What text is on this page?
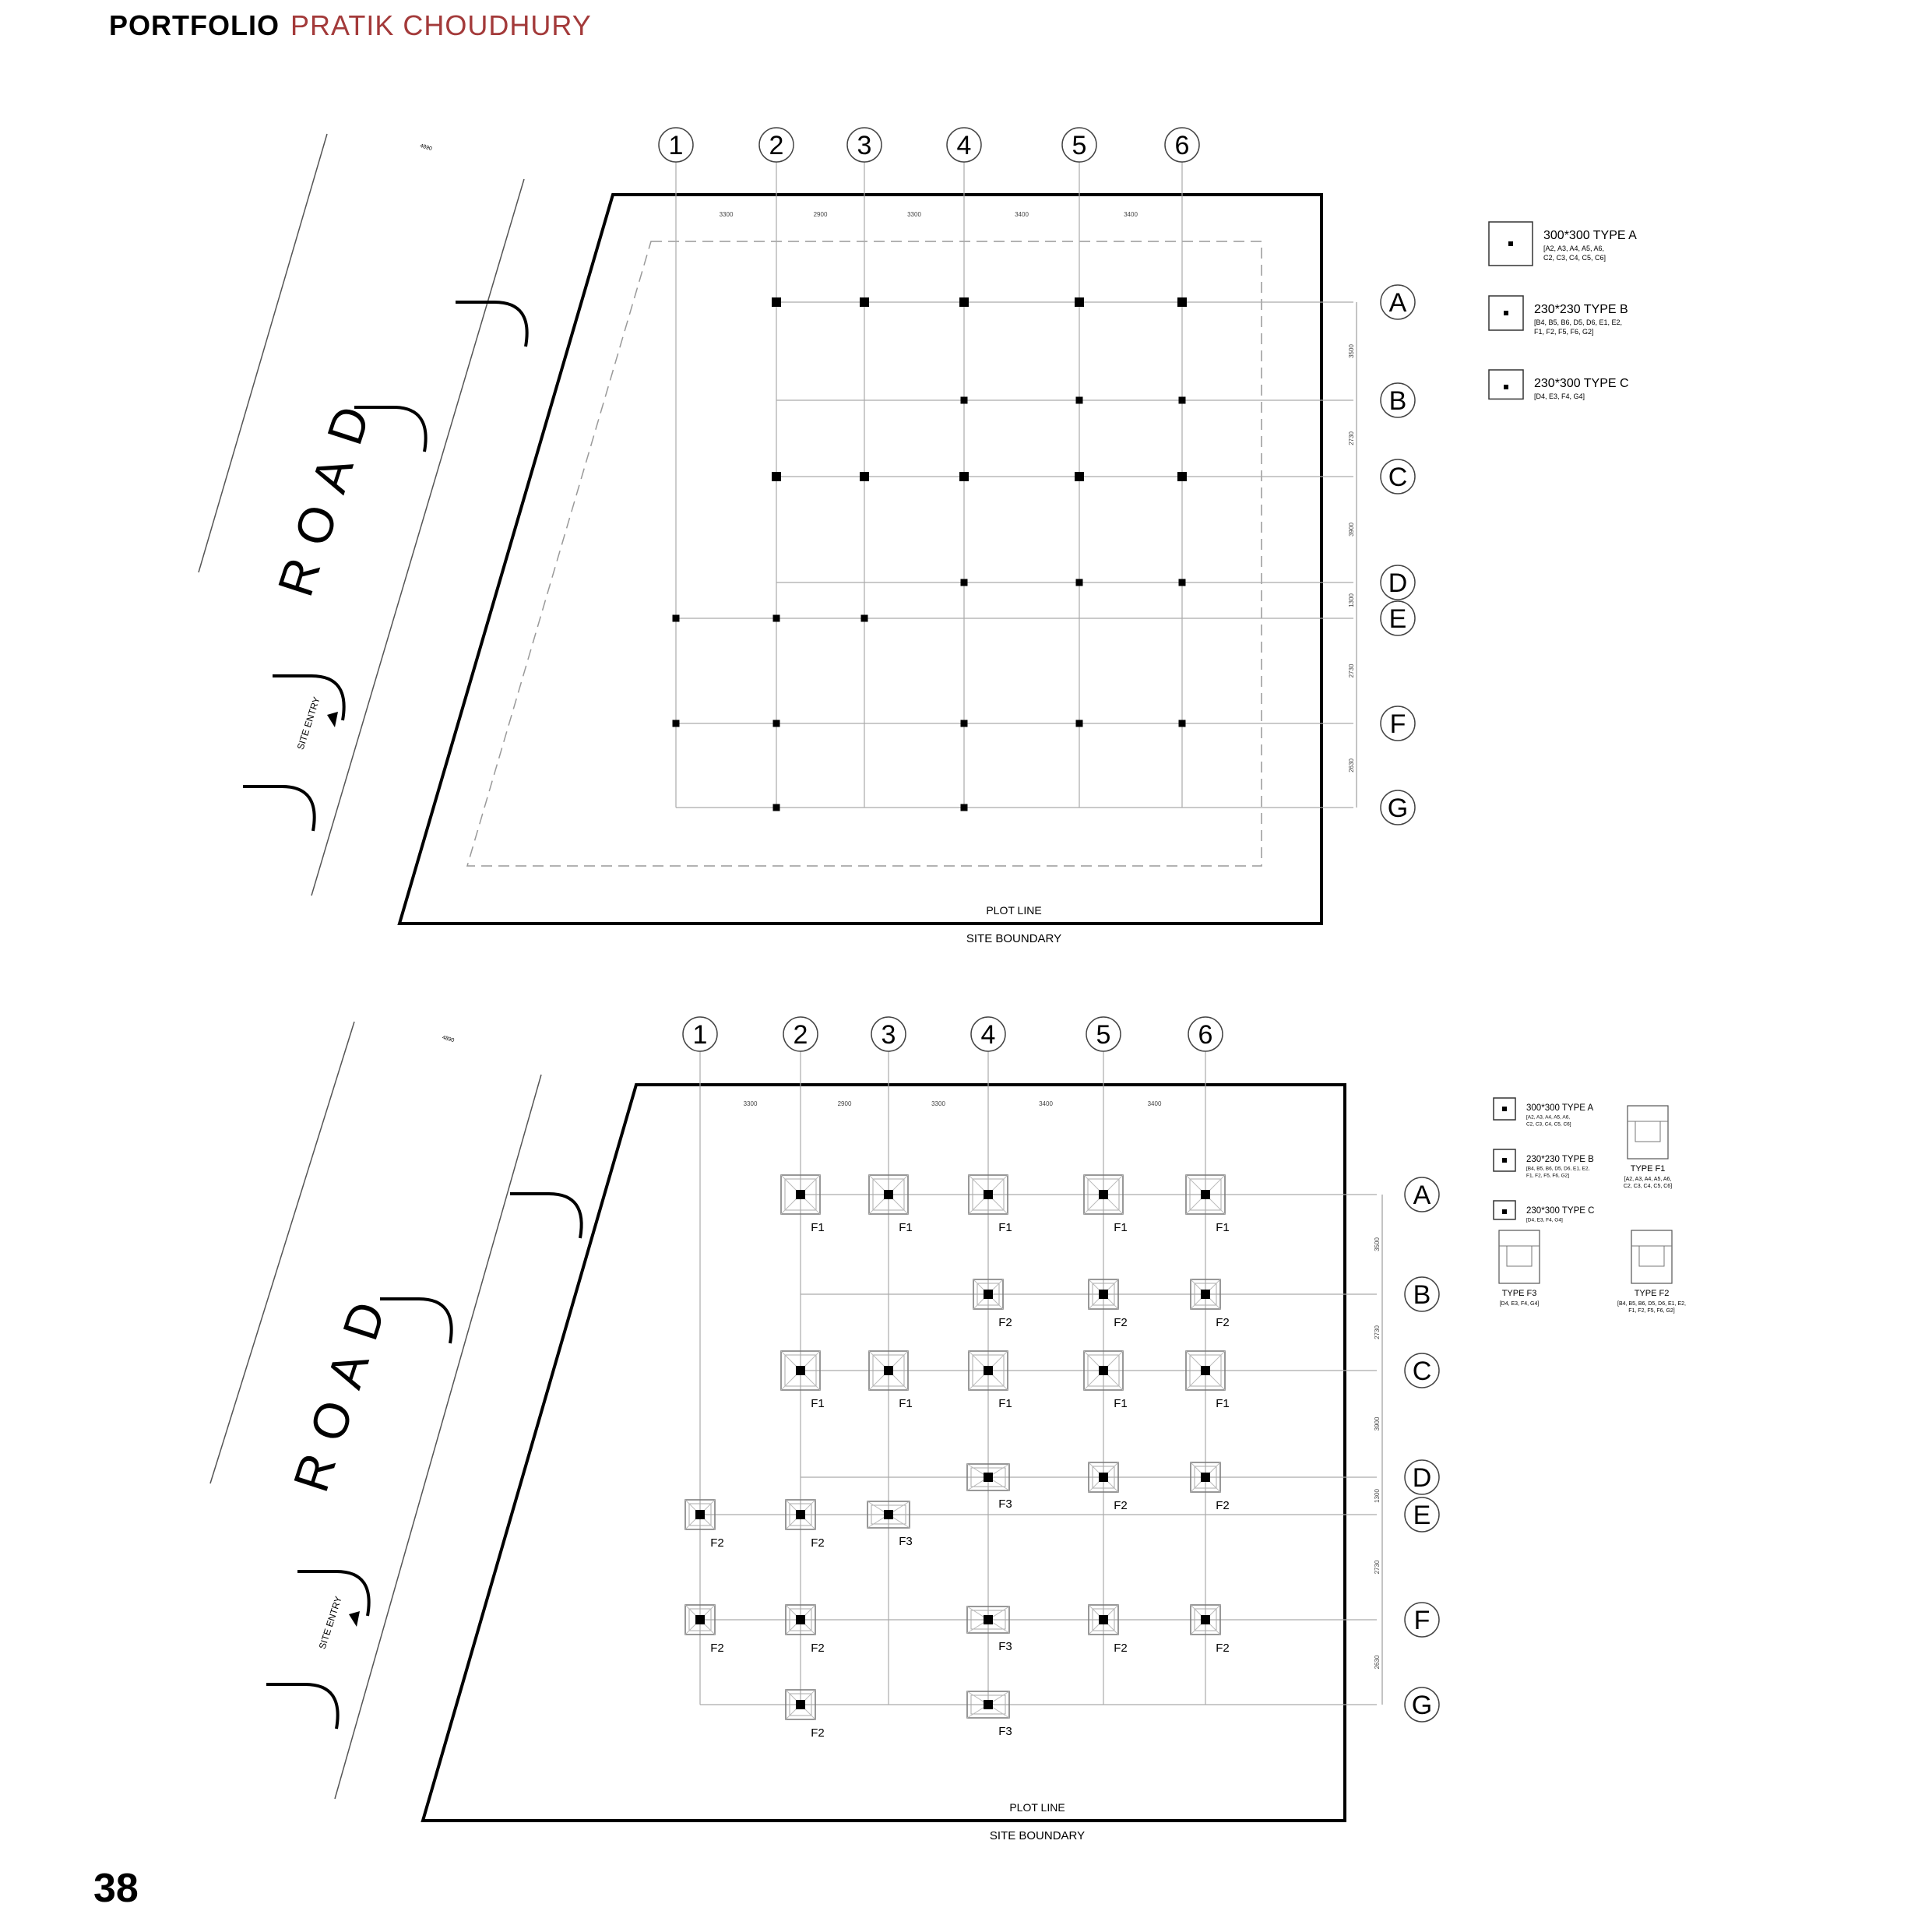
PORTFOLIO PRATIK CHOUDHURY
ROAD
SITE ENTRY
4890
PLOT LINE
SITE BOUNDARY
1	2	3	4	5	6
A
B
C
D
E
F
G
3300	2900	3300	3400	3400
3500
2730
3900
1300
2730
2630
300*300 TYPE A
[A2, A3, A4, A5, A6,
C2, C3, C4, C5, C6]
230*230 TYPE B
[B4, B5, B6, D5, D6, E1, E2,
F1, F2, F5, F6, G2]
230*300 TYPE C
[D4, E3, F4, G4]
ROAD
SITE ENTRY
4890
PLOT LINE
SITE BOUNDARY
1	2	3	4	5	6
A
B
C
D
E
F
G
3300	2900	3300	3400	3400
3500
2730
3900
1300
2730
2630
F1	F1	F1	F1	F1
F2	F2	F2
F1	F1	F1	F1	F1
F3	F2	F2
F2	F2	F3
F2	F2	F3	F2	F2
F2	F3
300*300 TYPE A
[A2, A3, A4, A5, A6,
C2, C3, C4, C5, C6]
230*230 TYPE B
[B4, B5, B6, D5, D6, E1, E2,
F1, F2, F5, F6, G2]
230*300 TYPE C
[D4, E3, F4, G4]
TYPE F1
[A2, A3, A4, A5, A6,
C2, C3, C4, C5, C6]
TYPE F3
[D4, E3, F4, G4]
TYPE F2
[B4, B5, B6, D5, D6, E1, E2,
F1, F2, F5, F6, G2]
38
